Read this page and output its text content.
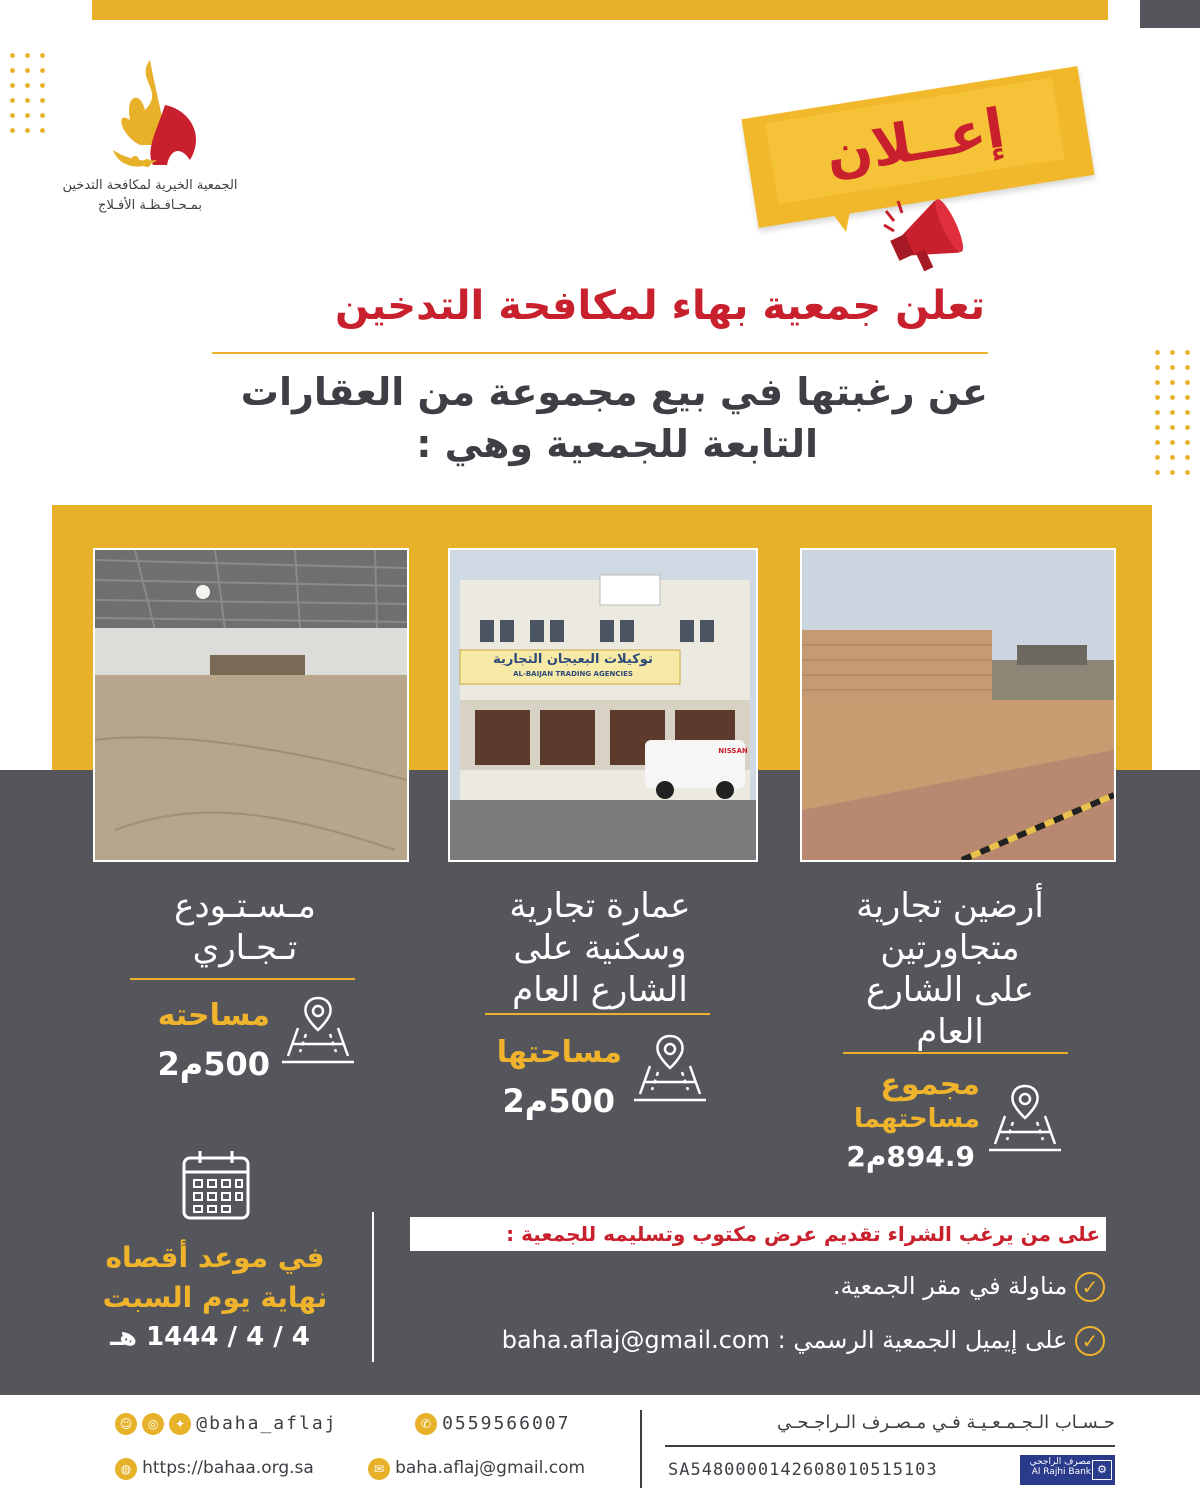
الجمعية الخيرية لمكافحة التدخين
بمـحـافـظـة الأفـلاج
إعــلان
تعلن جمعية بهاء لمكافحة التدخين
عن رغبتها في بيع مجموعة من العقارات
التابعة للجمعية وهي :
توكيلات البعيجان التجارية
AL-BAIJAN TRADING AGENCIES
NISSAN
مـسـتـودع
تـجـاري
مساحته
500م2
عمارة تجارية
وسكنية على
الشارع العام
مساحتها
500م2
أرضين تجارية
متجاورتين
على الشارع
العام
مجموع
مساحتهما
894.9م2
في موعد أقصاه
نهاية يوم السبت
4 / 4 / 1444 هـ
على من يرغب الشراء تقديم عرض مكتوب وتسليمه للجمعية :
✓ مناولة في مقر الجمعية.
✓ على إيميل الجمعية الرسمي : baha.aflaj@gmail.com
حـسـاب الـجـمـعـيـة فـي مـصـرف الـراجـحـي
SA5480000142608010515103	مصرف الراجحي
Al Rajhi Bank ⚙
☺ ◎ ✦ @baha_aflaj	✆ 0559566007
◍ https://bahaa.org.sa	✉ baha.aflaj@gmail.com
